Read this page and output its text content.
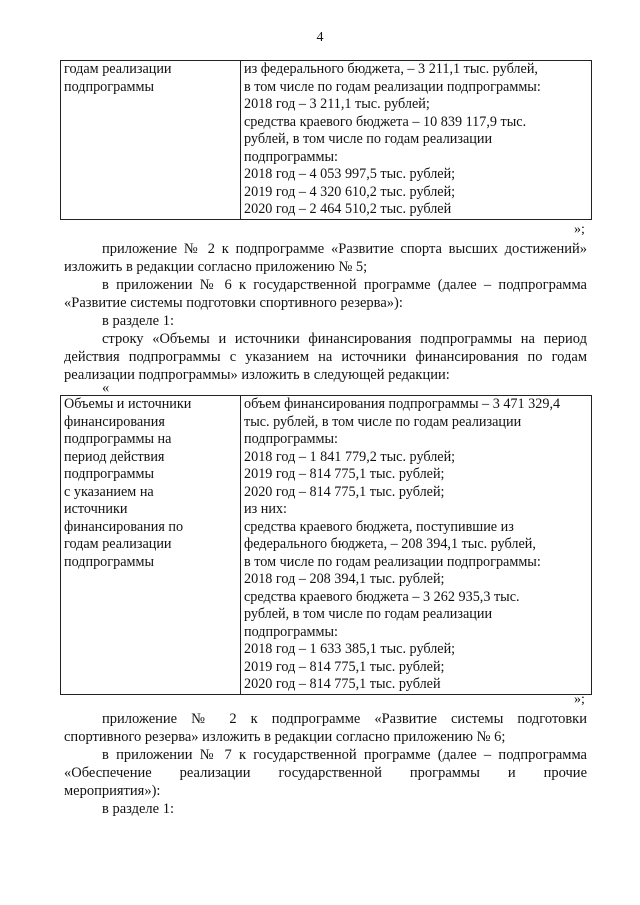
4
годам реализации
подпрограммы

из федерального бюджета, – 3 211,1 тыс. рублей,
в том числе по годам реализации подпрограммы:
2018 год – 3 211,1 тыс. рублей;
средства краевого бюджета – 10 839 117,9 тыс.
рублей, в том числе по годам реализации
подпрограммы:
2018 год – 4 053 997,5 тыс. рублей;
2019 год – 4 320 610,2 тыс. рублей;
2020 год – 2 464 510,2 тыс. рублей
»;
приложение № 2 к подпрограмме «Развитие спорта высших достижений»
изложить в редакции согласно приложению № 5;
в приложении № 6 к государственной программе (далее – подпрограмма
«Развитие системы подготовки спортивного резерва»):
в разделе 1:
строку «Объемы и источники финансирования подпрограммы на период
действия подпрограммы с указанием на источники финансирования по годам
реализации подпрограммы» изложить в следующей редакции:
«
Объемы и источники
финансирования
подпрограммы на
период действия
подпрограммы
с указанием на
источники
финансирования по
годам реализации
подпрограммы

объем финансирования подпрограммы – 3 471 329,4
тыс. рублей, в том числе по годам реализации
подпрограммы:
2018 год – 1 841 779,2 тыс. рублей;
2019 год – 814 775,1 тыс. рублей;
2020 год – 814 775,1 тыс. рублей;
из них:
средства краевого бюджета, поступившие из
федерального бюджета, – 208 394,1 тыс. рублей,
в том числе по годам реализации подпрограммы:
2018 год – 208 394,1 тыс. рублей;
средства краевого бюджета – 3 262 935,3 тыс.
рублей, в том числе по годам реализации
подпрограммы:
2018 год – 1 633 385,1 тыс. рублей;
2019 год – 814 775,1 тыс. рублей;
2020 год – 814 775,1 тыс. рублей
»;
приложение № 2 к подпрограмме «Развитие системы подготовки
спортивного резерва» изложить в редакции согласно приложению № 6;
в приложении № 7 к государственной программе (далее – подпрограмма
«Обеспечение реализации государственной программы и прочие
мероприятия»):
в разделе 1:
